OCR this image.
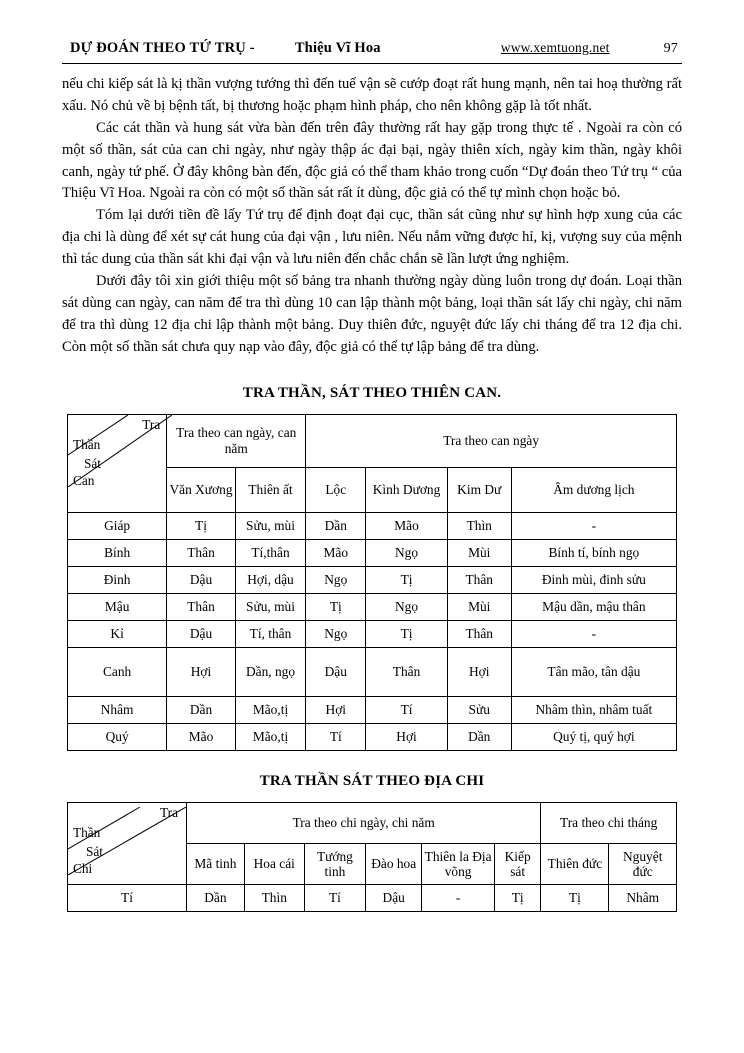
DỰ ĐOÁN THEO TỨ TRỤ -	Thiệu Vĩ Hoa	www.xemtuong.net	97

nếu chi kiếp sát là kị thần vượng tướng thì đến tuế vận sẽ cướp đoạt rất hung mạnh, nên tai hoạ thường rất xấu. Nó chủ về bị bệnh tất, bị thương hoặc phạm hình pháp, cho nên không gặp là tốt nhất.

Các cát thần và hung sát vừa bàn đến trên đây thường rất hay gặp trong thực tế . Ngoài ra còn có một số thần, sát của can chi ngày, như ngày thập ác đại bại, ngày thiên xích, ngày kim thần, ngày khôi canh, ngày tứ phế. Ở đây không bàn đến, độc giả có thể tham khảo trong cuốn “Dự đoán theo Tứ trụ “ của Thiệu Vĩ Hoa. Ngoài ra còn có một số thần sát rất ít dùng, độc giả có thể tự mình chọn hoặc bỏ.

Tóm lại dưới tiền đề lấy Tứ trụ để định đoạt đại cục, thần sát cũng như sự hình hợp xung của các địa chi là dùng để xét sự cát hung của đại vận , lưu niên. Nếu nắm vững được hỉ, kị, vượng suy của mệnh thì tác dung của thần sát khi đại vận và lưu niên đến chắc chắn sẽ lần lượt ứng nghiệm.

Dưới đây tôi xin giới thiệu một số bảng tra nhanh thường ngày dùng luôn trong dự đoán. Loại thần sát dùng can ngày, can năm để tra thì dùng 10 can lập thành một bảng, loại thần sát lấy chi ngày, chi năm để tra thì dùng 12 địa chi lập thành một bảng. Duy thiên đức, nguyệt đức lấy chi tháng để tra 12 địa chi. Còn một số thần sát chưa quy nạp vào đây, độc giả có thể tự lập bảng để tra dùng.

TRA THẦN, SÁT THEO THIÊN CAN.
Tra
Thần
Sát
Can	Tra theo can ngày, can năm		Tra theo can ngày			
	Văn Xương	Thiên ất	Lộc	Kình Dương	Kim Dư	Âm dương lịch
Giáp	Tị	Sửu, mùi	Dần	Mão	Thìn	-
Bính	Thân	Tí,thân	Mão	Ngọ	Mùi	Bính tí, bính ngọ
Đinh	Dậu	Hợi, dậu	Ngọ	Tị	Thân	Đinh mùi, đinh sửu
Mậu	Thân	Sửu, mùi	Tị	Ngọ	Mùi	Mậu dần, mậu thân
Kỉ	Dậu	Tí, thân	Ngọ	Tị	Thân	-
Canh	Hợi	Dần, ngọ	Dậu	Thân	Hợi	Tân mão, tân dậu
Nhâm	Dần	Mão,tị	Hợi	Tí	Sửu	Nhâm thìn, nhâm tuất
Quý	Mão	Mão,tị	Tí	Hợi	Dần	Quý tị, quý hợi
TRA THẦN SÁT THEO ĐỊA CHI
Tra
Thần
Sát
Chi	Tra theo chi ngày, chi năm						Tra theo chi tháng	
	Mã tinh	Hoa cái	Tướng tinh	Đào hoa	Thiên la Địa võng	Kiếp sát	Thiên đức	Nguyệt đức
Tí	Dần	Thìn	Tí	Dậu	-	Tị	Tị	Nhâm
